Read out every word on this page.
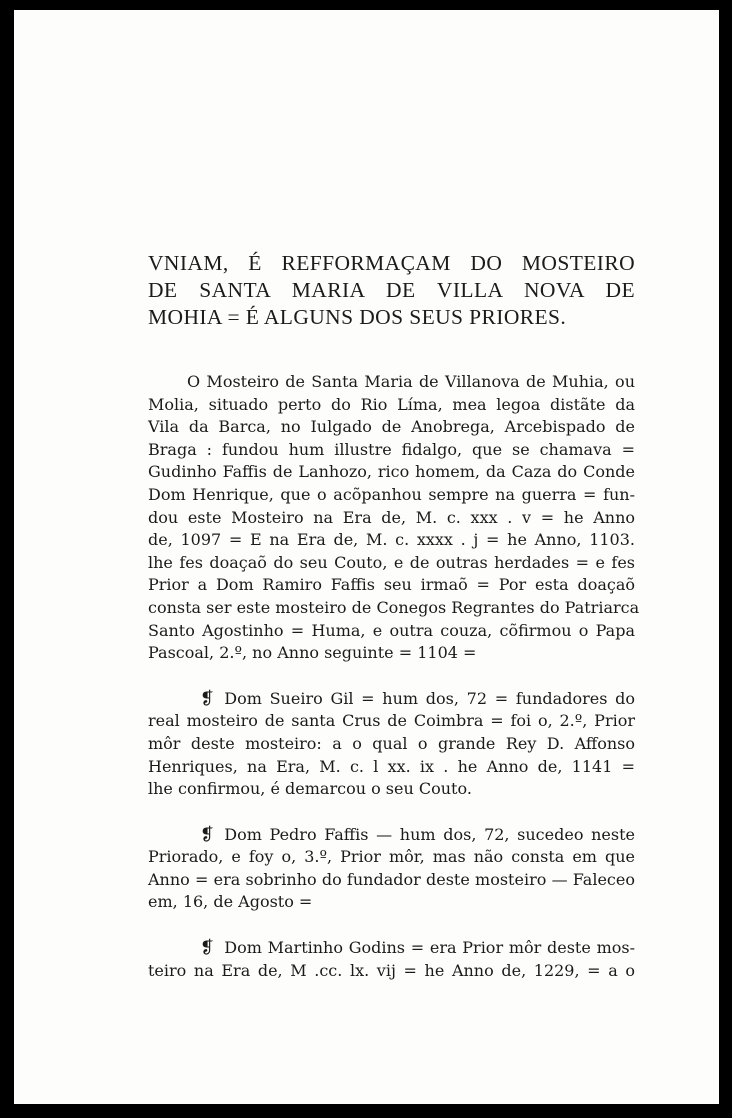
VNIAM, É REFFORMAÇAM DO MOSTEIRO
DE SANTA MARIA DE VILLA NOVA DE
MOHIA = É ALGUNS DOS SEUS PRIORES.

O Mosteiro de Santa Maria de Villanova de Muhia, ou
Molia, situado perto do Rio Líma, mea legoa distãte da
Vila da Barca, no Iulgado de Anobrega, Arcebispado de
Braga : fundou hum illustre fidalgo, que se chamava =
Gudinho Faffis de Lanhozo, rico homem, da Caza do Conde
Dom Henrique, que o acõpanhou sempre na guerra = fun-
dou este Mosteiro na Era de, M. c. xxx . v = he Anno
de, 1097 = E na Era de, M. c. xxxx . j = he Anno, 1103.
lhe fes doaçaõ do seu Couto, e de outras herdades = e fes
Prior a Dom Ramiro Faffis seu irmaõ = Por esta doaçaõ
consta ser este mosteiro de Conegos Regrantes do Patriarca
Santo Agostinho = Huma, e outra couza, cõfirmou o Papa
Pascoal, 2.º, no Anno seguinte = 1104 =

❡ Dom Sueiro Gil = hum dos, 72 = fundadores do
real mosteiro de santa Crus de Coimbra = foi o, 2.º, Prior
môr deste mosteiro: a o qual o grande Rey D. Affonso
Henriques, na Era, M. c. l xx. ix . he Anno de, 1141 =
lhe confirmou, é demarcou o seu Couto.

❡ Dom Pedro Faffis — hum dos, 72, sucedeo neste
Priorado, e foy o, 3.º, Prior môr, mas não consta em que
Anno = era sobrinho do fundador deste mosteiro — Faleceo
em, 16, de Agosto =

❡ Dom Martinho Godins = era Prior môr deste mos-
teiro na Era de, M .cc. lx. vij = he Anno de, 1229, = a o
